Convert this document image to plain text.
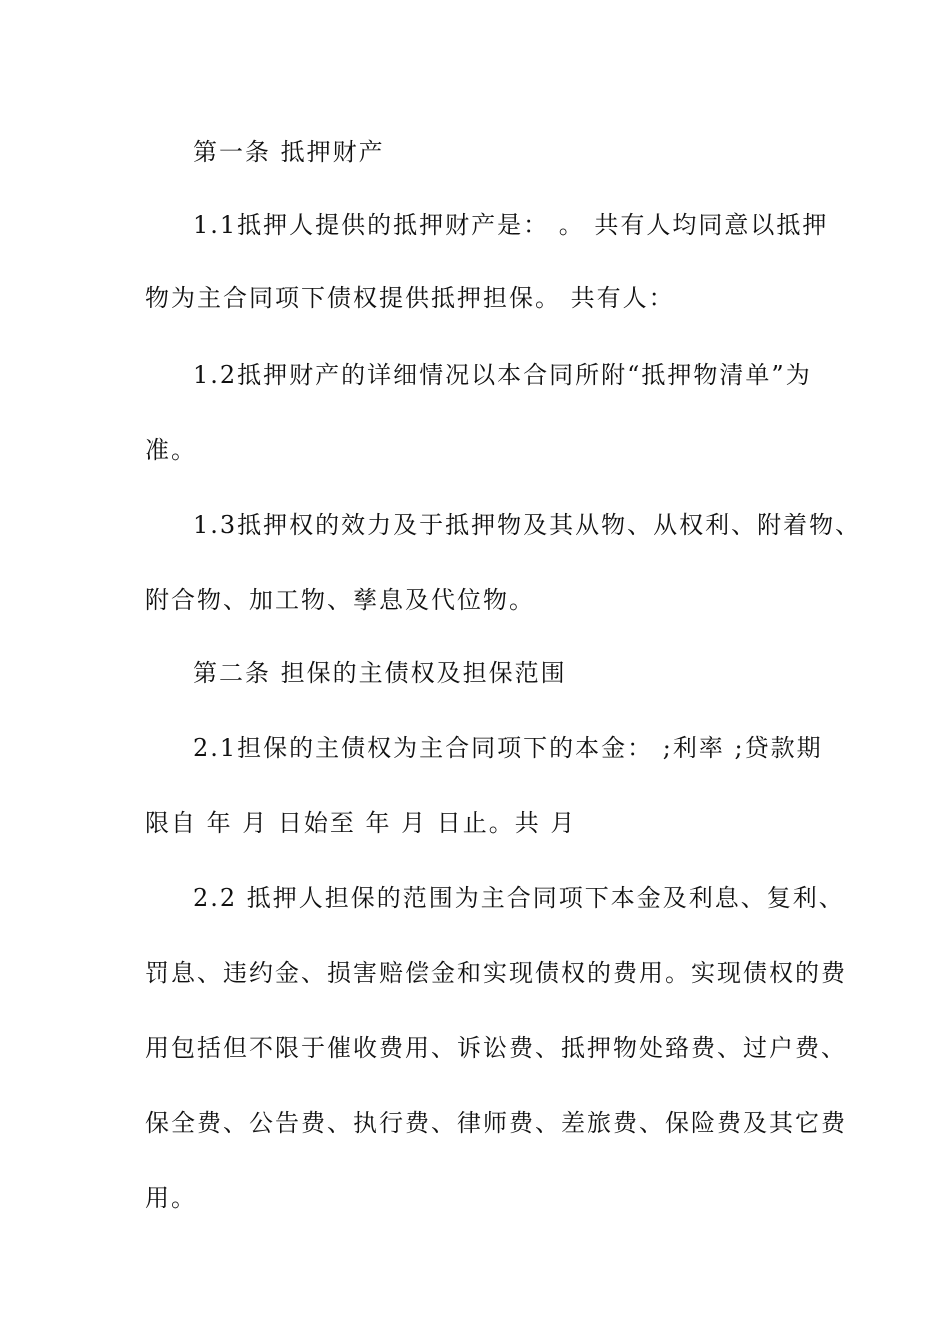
第一条 抵押财产
1.1抵押人提供的抵押财产是： 。 共有人均同意以抵押
物为主合同项下债权提供抵押担保。 共有人：
1.2抵押财产的详细情况以本合同所附“抵押物清单”为
准。
1.3抵押权的效力及于抵押物及其从物、从权利、附着物、
附合物、加工物、孳息及代位物。
第二条 担保的主债权及担保范围
2.1担保的主债权为主合同项下的本金： ;利率 ;贷款期
限自 年 月 日始至 年 月 日止。共 月
2.2 抵押人担保的范围为主合同项下本金及利息、复利、
罚息、违约金、损害赔偿金和实现债权的费用。实现债权的费
用包括但不限于催收费用、诉讼费、抵押物处臵费、过户费、
保全费、公告费、执行费、律师费、差旅费、保险费及其它费
用。
